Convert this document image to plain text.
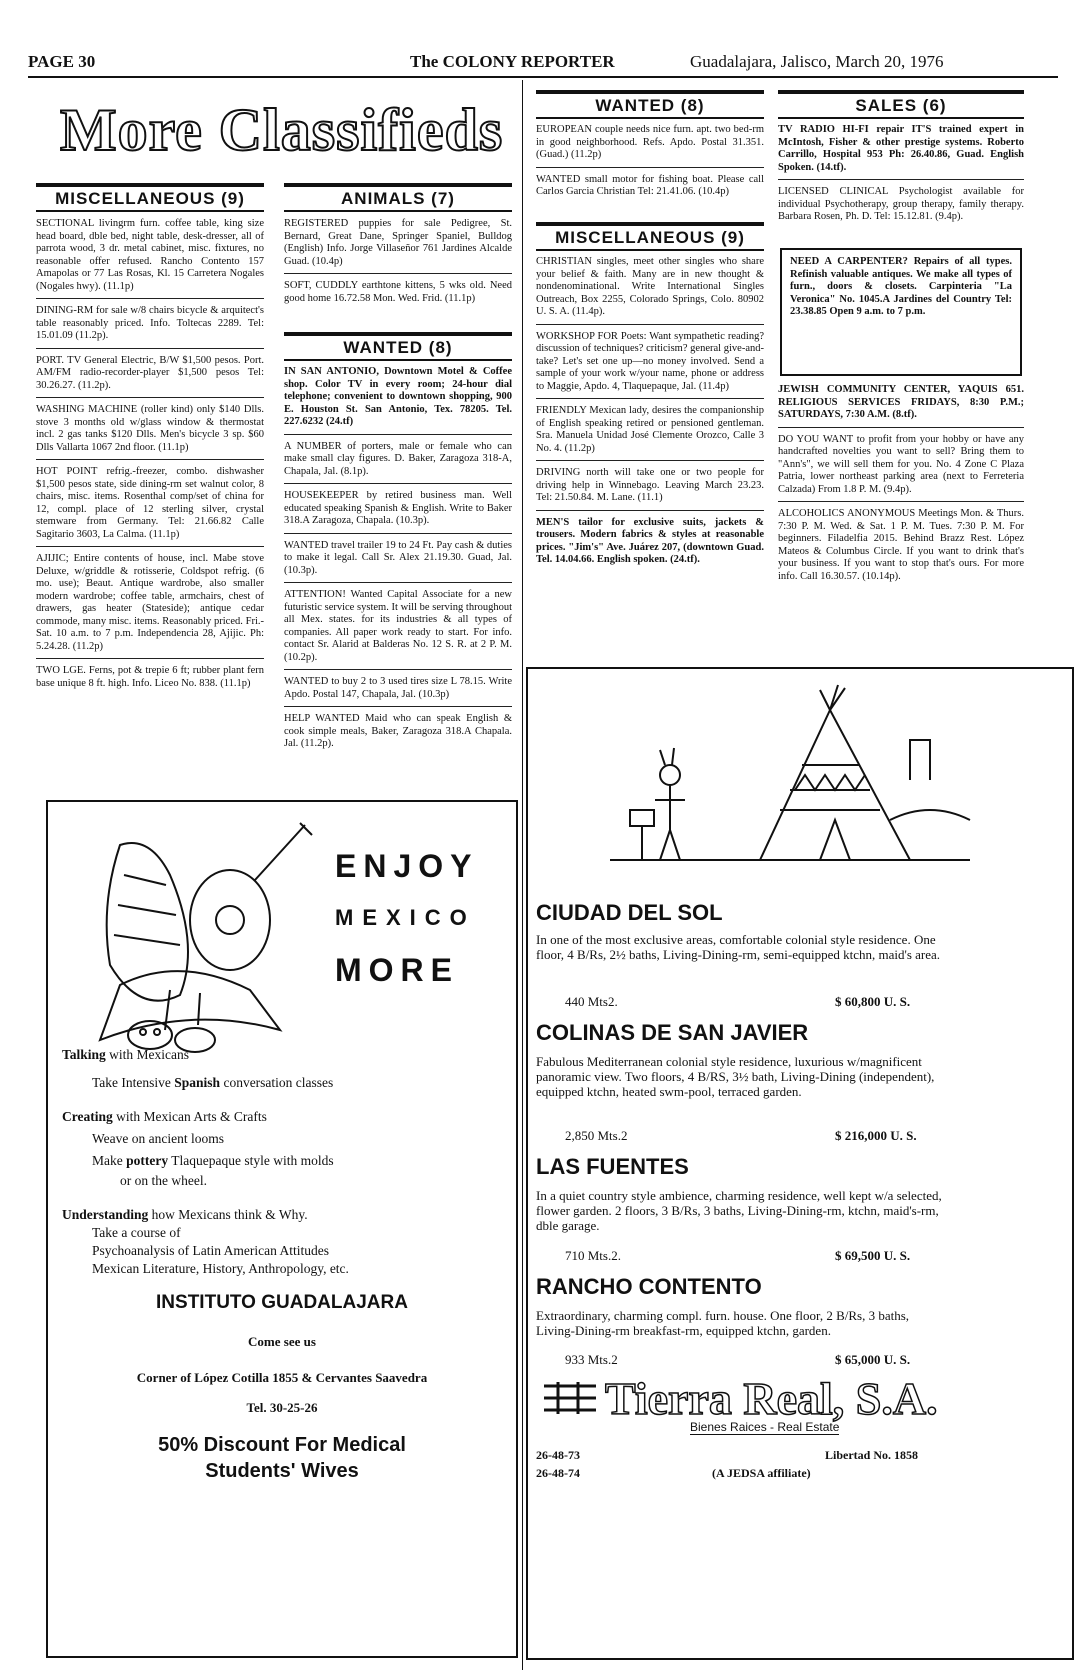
PAGE 30	The COLONY REPORTER	Guadalajara, Jalisco, March 20, 1976
More Classifieds
MISCELLANEOUS (9)

SECTIONAL livingrm furn. coffee table, king size head board, dble bed, night table, desk-dresser, all of parrota wood, 3 dr. metal cabinet, misc. fixtures, no reasonable offer refused. Rancho Contento 157 Amapolas or 77 Las Rosas, Kl. 15 Carretera Nogales (Nogales hwy). (11.1p)

DINING-RM for sale w/8 chairs bicycle & arquitect's table reasonably priced. Info. Toltecas 2289. Tel: 15.01.09 (11.2p).

PORT. TV General Electric, B/W $1,500 pesos. Port. AM/FM radio-recorder-player $1,500 pesos Tel: 30.26.27. (11.2p).

WASHING MACHINE (roller kind) only $140 Dlls. stove 3 months old w/glass window & thermostat incl. 2 gas tanks $120 Dlls. Men's bicycle 3 sp. $60 Dlls Vallarta 1067 2nd floor. (11.1p)

HOT POINT refrig.-freezer, combo. dishwasher $1,500 pesos state, side dining-rm set walnut color, 8 chairs, misc. items. Rosenthal comp/set of china for 12, compl. place of 12 sterling silver, crystal stemware from Germany. Tel: 21.66.82 Calle Sagitario 3603, La Calma. (11.1p)

AJIJIC; Entire contents of house, incl. Mabe stove Deluxe, w/griddle & rotisserie, Coldspot refrig. (6 mo. use); Beaut. Antique wardrobe, also smaller modern wardrobe; coffee table, armchairs, chest of drawers, gas heater (Stateside); antique cedar commode, many misc. items. Reasonably priced. Fri.-Sat. 10 a.m. to 7 p.m. Independencia 28, Ajijic. Ph: 5.24.28. (11.2p)

TWO LGE. Ferns, pot & trepie 6 ft; rubber plant fern base unique 8 ft. high. Info. Liceo No. 838. (11.1p)

ANIMALS (7)

REGISTERED puppies for sale Pedigree, St. Bernard, Great Dane, Springer Spaniel, Bulldog (English) Info. Jorge Villaseñor 761 Jardines Alcalde Guad. (10.4p)

SOFT, CUDDLY earthtone kittens, 5 wks old. Need good home 16.72.58 Mon. Wed. Frid. (11.1p)

WANTED (8)

IN SAN ANTONIO, Downtown Motel & Coffee shop. Color TV in every room; 24-hour dial telephone; convenient to downtown shopping, 900 E. Houston St. San Antonio, Tex. 78205. Tel. 227.6232 (24.tf)

A NUMBER of porters, male or female who can make small clay figures. D. Baker, Zaragoza 318-A, Chapala, Jal. (8.1p).

HOUSEKEEPER by retired business man. Well educated speaking Spanish & English. Write to Baker 318.A Zaragoza, Chapala. (10.3p).

WANTED travel trailer 19 to 24 Ft. Pay cash & duties to make it legal. Call Sr. Alex 21.19.30. Guad, Jal. (10.3p).

ATTENTION! Wanted Capital Associate for a new futuristic service system. It will be serving throughout all Mex. states. for its industries & all types of companies. All paper work ready to start. For info. contact Sr. Alarid at Balderas No. 12 S. R. at 2 P. M. (10.2p).

WANTED to buy 2 to 3 used tires size L 78.15. Write Apdo. Postal 147, Chapala, Jal. (10.3p)

HELP WANTED Maid who can speak English & cook simple meals, Baker, Zaragoza 318.A Chapala. Jal. (11.2p).

WANTED (8)

EUROPEAN couple needs nice furn. apt. two bed-rm in good neighborhood. Refs. Apdo. Postal 31.351. (Guad.) (11.2p)

WANTED small motor for fishing boat. Please call Carlos Garcia Christian Tel: 21.41.06. (10.4p)

MISCELLANEOUS (9)

CHRISTIAN singles, meet other singles who share your belief & faith. Many are in new thought & nondenominational. Write International Singles Outreach, Box 2255, Colorado Springs, Colo. 80902 U. S. A. (11.4p).

WORKSHOP FOR Poets: Want sympathetic reading? discussion of techniques? criticism? general give-and-take? Let's set one up—no money involved. Send a sample of your work w/your name, phone or address to Maggie, Apdo. 4, Tlaquepaque, Jal. (11.4p)

FRIENDLY Mexican lady, desires the companionship of English speaking retired or pensioned gentleman. Sra. Manuela Unidad José Clemente Orozco, Calle 3 No. 4. (11.2p)

DRIVING north will take one or two people for driving help in Winnebago. Leaving March 23.23. Tel: 21.50.84. M. Lane. (11.1)

MEN'S tailor for exclusive suits, jackets & trousers. Modern fabrics & styles at reasonable prices. "Jim's" Ave. Juárez 207, (downtown Guad. Tel. 14.04.66. English spoken. (24.tf).

SALES (6)

TV RADIO HI-FI repair IT'S trained expert in McIntosh, Fisher & other prestige systems. Roberto Carrillo, Hospital 953 Ph: 26.40.86, Guad. English Spoken. (14.tf).

LICENSED CLINICAL Psychologist available for individual Psychotherapy, group therapy, family therapy. Barbara Rosen, Ph. D. Tel: 15.12.81. (9.4p).

NEED A CARPENTER? Repairs of all types. Refinish valuable antiques. We make all types of furn., doors & closets. Carpinteria "La Veronica" No. 1045.A Jardines del Country Tel: 23.38.85 Open 9 a.m. to 7 p.m.

JEWISH COMMUNITY CENTER, YAQUIS 651. RELIGIOUS SERVICES FRIDAYS, 8:30 P.M.; SATURDAYS, 7:30 A.M. (8.tf).

DO YOU WANT to profit from your hobby or have any handcrafted novelties you want to sell? Bring them to "Ann's", we will sell them for you. No. 4 Zone C Plaza Patria, lower northeast parking area (next to Ferreteria Calzada) From 1.8 P. M. (9.4p).

ALCOHOLICS ANONYMOUS Meetings Mon. & Thurs. 7:30 P. M. Wed. & Sat. 1 P. M. Tues. 7:30 P. M. For beginners. Filadelfia 2015. Behind Brazz Rest. López Mateos & Columbus Circle. If you want to drink that's your business. If you want to stop that's ours. For more info. Call 16.30.57. (10.14p).

ENJOY
MEXICO
MORE
Talking with Mexicans
Take Intensive Spanish conversation classes
Creating with Mexican Arts & Crafts
Weave on ancient looms
Make pottery Tlaquepaque style with molds
or on the wheel.
Understanding how Mexicans think & Why.
Take a course of
Psychoanalysis of Latin American Attitudes
Mexican Literature, History, Anthropology, etc.
INSTITUTO GUADALAJARA
Come see us
Corner of López Cotilla 1855 & Cervantes Saavedra
Tel. 30-25-26
50% Discount For Medical
Students' Wives
CIUDAD DEL SOL
In one of the most exclusive areas, comfortable colonial style residence. One floor, 4 B/Rs, 2½ baths, Living-Dining-rm, semi-equipped ktchn, maid's area.
440 Mts2.	$ 60,800 U. S.
COLINAS DE SAN JAVIER
Fabulous Mediterranean colonial style residence, luxurious w/magnificent panoramic view. Two floors, 4 B/RS, 3½ bath, Living-Dining (independent), equipped ktchn, heated swm-pool, terraced garden.
2,850 Mts.2	$ 216,000 U. S.
LAS FUENTES
In a quiet country style ambience, charming residence, well kept w/a selected, flower garden. 2 floors, 3 B/Rs, 3 baths, Living-Dining-rm, ktchn, maid's-rm, dble garage.
710 Mts.2.	$ 69,500 U. S.
RANCHO CONTENTO
Extraordinary, charming compl. furn. house. One floor, 2 B/Rs, 3 baths, Living-Dining-rm breakfast-rm, equipped ktchn, garden.
933 Mts.2	$ 65,000 U. S.
Tierra Real, S.A.
Bienes Raices - Real Estate
26-48-73
26-48-74
Libertad No. 1858
(A JEDSA affiliate)
